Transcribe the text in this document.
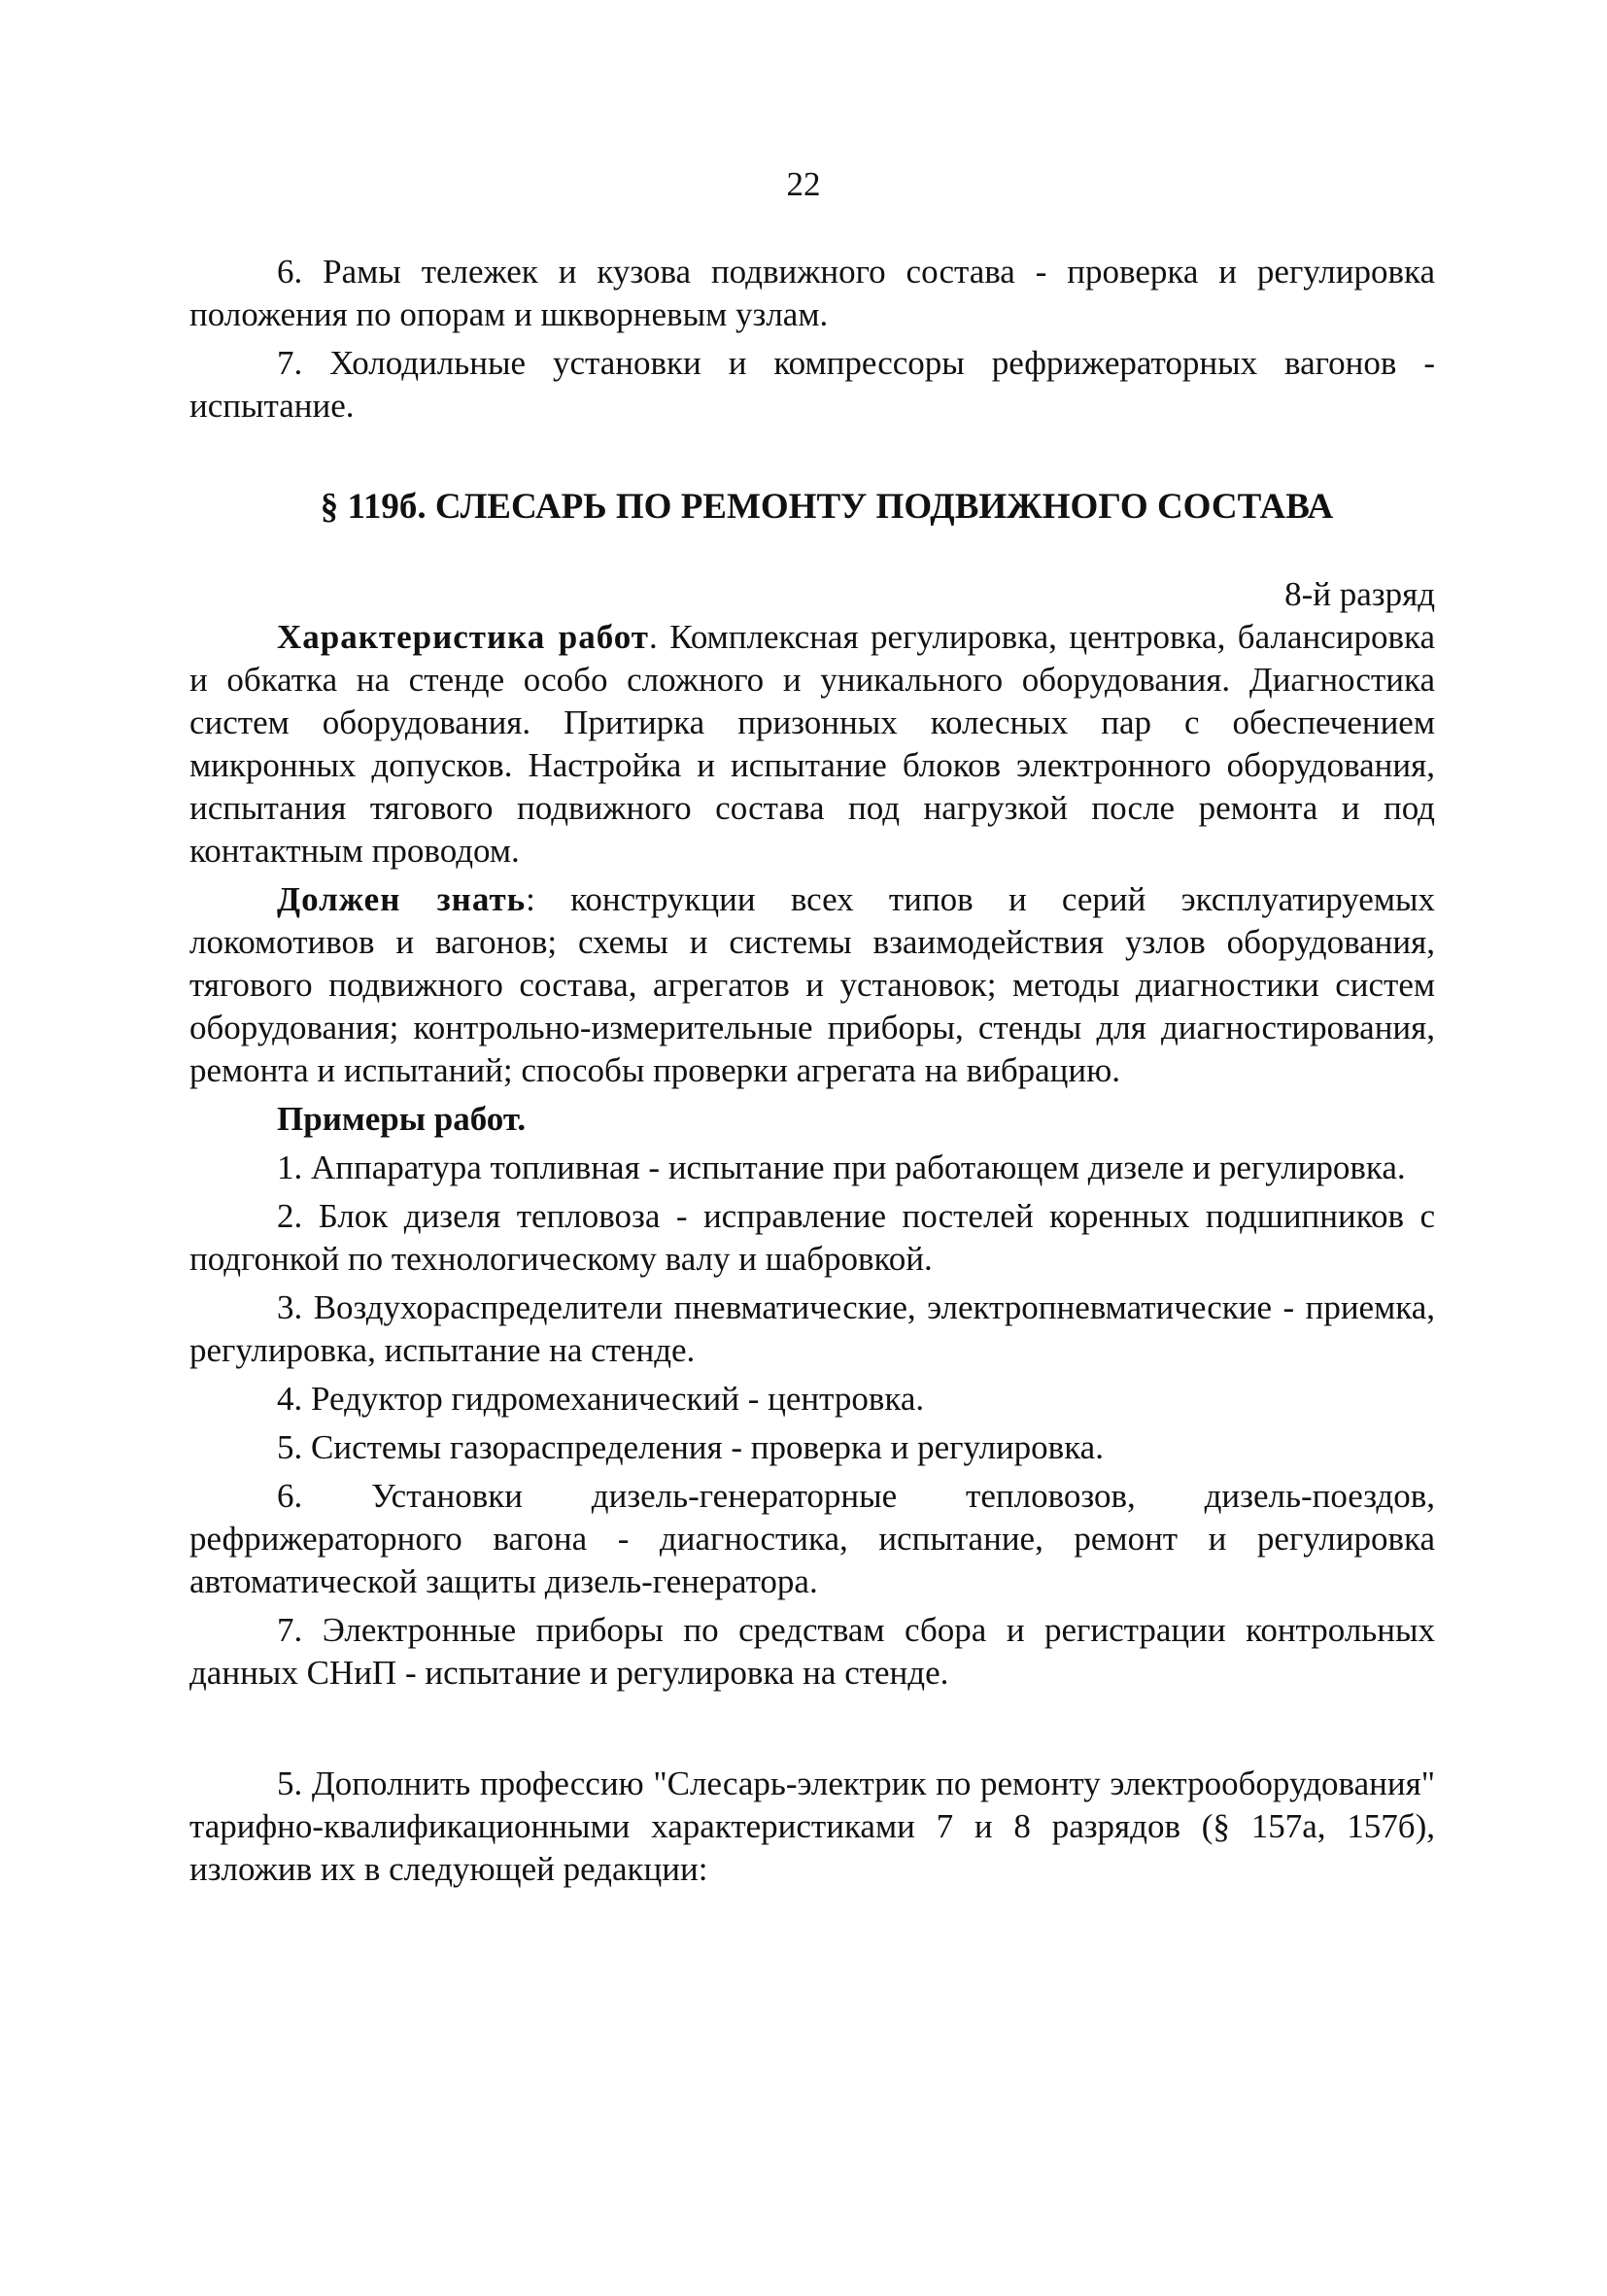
22

6. Рамы тележек и кузова подвижного состава - проверка и регулировка положения по опорам и шкворневым узлам.

7. Холодильные установки и компрессоры рефрижераторных вагонов - испытание.

§ 119б. СЛЕСАРЬ ПО РЕМОНТУ ПОДВИЖНОГО СОСТАВА

8-й разряд

Характеристика работ. Комплексная регулировка, центровка, балансировка и обкатка на стенде особо сложного и уникального оборудования. Диагностика систем оборудования. Притирка призонных колесных пар с обеспечением микронных допусков. Настройка и испытание блоков электронного оборудования, испытания тягового подвижного состава под нагрузкой после ремонта и под контактным проводом.

Должен знать: конструкции всех типов и серий эксплуатируемых локомотивов и вагонов; схемы и системы взаимодействия узлов оборудования, тягового подвижного состава, агрегатов и установок; методы диагностики систем оборудования; контрольно-измерительные приборы, стенды для диагностирования, ремонта и испытаний; способы проверки агрегата на вибрацию.

Примеры работ.

1. Аппаратура топливная - испытание при работающем дизеле и регулировка.

2. Блок дизеля тепловоза - исправление постелей коренных подшипников с подгонкой по технологическому валу и шабровкой.

3. Воздухораспределители пневматические, электропневматические - приемка, регулировка, испытание на стенде.

4. Редуктор гидромеханический - центровка.

5. Системы газораспределения - проверка и регулировка.

6. Установки дизель-генераторные тепловозов, дизель-поездов, рефрижераторного вагона - диагностика, испытание, ремонт и регулировка автоматической защиты дизель-генератора.

7. Электронные приборы по средствам сбора и регистрации контрольных данных СНиП - испытание и регулировка на стенде.

5. Дополнить профессию "Слесарь-электрик по ремонту электрооборудования" тарифно-квалификационными характеристиками 7 и 8 разрядов (§ 157а, 157б), изложив их в следующей редакции:
